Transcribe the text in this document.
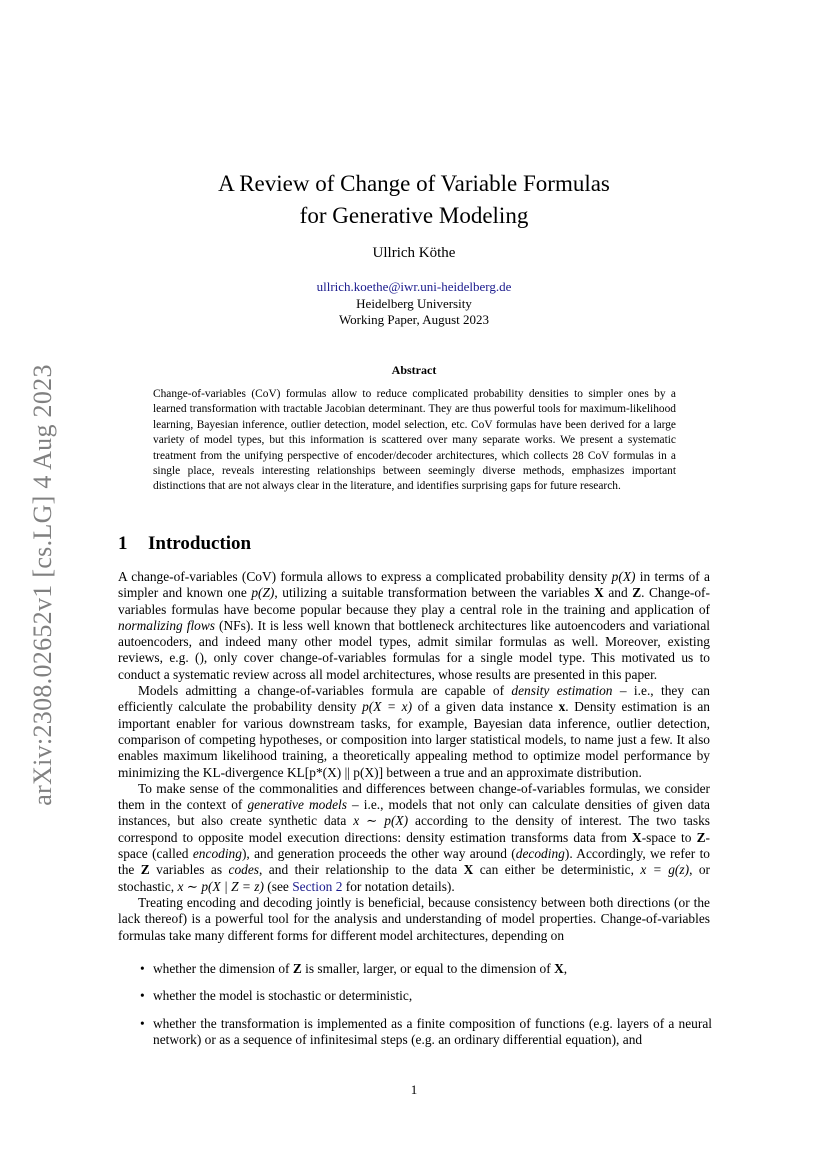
arXiv:2308.02652v1 [cs.LG] 4 Aug 2023
A Review of Change of Variable Formulas
for Generative Modeling
Ullrich Köthe
ullrich.koethe@iwr.uni-heidelberg.de
Heidelberg University
Working Paper, August 2023
Abstract
Change-of-variables (CoV) formulas allow to reduce complicated probability densities to simpler ones by a learned transformation with tractable Jacobian determinant. They are thus powerful tools for maximum-likelihood learning, Bayesian inference, outlier detection, model selection, etc. CoV formulas have been derived for a large variety of model types, but this information is scattered over many separate works. We present a systematic treatment from the unifying perspective of encoder/decoder architectures, which collects 28 CoV formulas in a single place, reveals interesting relationships between seemingly diverse methods, emphasizes important distinctions that are not always clear in the literature, and identifies surprising gaps for future research.
1 Introduction

A change-of-variables (CoV) formula allows to express a complicated probability density p(X) in terms of a simpler and known one p(Z), utilizing a suitable transformation between the variables X and Z. Change-of-variables formulas have become popular because they play a central role in the training and application of normalizing flows (NFs). It is less well known that bottleneck architectures like autoencoders and variational autoencoders, and indeed many other model types, admit similar formulas as well. Moreover, existing reviews, e.g. (), only cover change-of-variables formulas for a single model type. This motivated us to conduct a systematic review across all model architectures, whose results are presented in this paper.

Models admitting a change-of-variables formula are capable of density estimation – i.e., they can efficiently calculate the probability density p(X = x) of a given data instance x. Density estimation is an important enabler for various downstream tasks, for example, Bayesian data inference, outlier detection, comparison of competing hypotheses, or composition into larger statistical models, to name just a few. It also enables maximum likelihood training, a theoretically appealing method to optimize model performance by minimizing the KL-divergence KL[p*(X) || p(X)] between a true and an approximate distribution.

To make sense of the commonalities and differences between change-of-variables formulas, we consider them in the context of generative models – i.e., models that not only can calculate densities of given data instances, but also create synthetic data x ∼ p(X) according to the density of interest. The two tasks correspond to opposite model execution directions: density estimation transforms data from X-space to Z-space (called encoding), and generation proceeds the other way around (decoding). Accordingly, we refer to the Z variables as codes, and their relationship to the data X can either be deterministic, x = g(z), or stochastic, x ∼ p(X | Z = z) (see Section 2 for notation details).

Treating encoding and decoding jointly is beneficial, because consistency between both directions (or the lack thereof) is a powerful tool for the analysis and understanding of model properties. Change-of-variables formulas take many different forms for different model architectures, depending on

• whether the dimension of Z is smaller, larger, or equal to the dimension of X,
• whether the model is stochastic or deterministic,
• whether the transformation is implemented as a finite composition of functions (e.g. layers of a neural network) or as a sequence of infinitesimal steps (e.g. an ordinary differential equation), and
1
